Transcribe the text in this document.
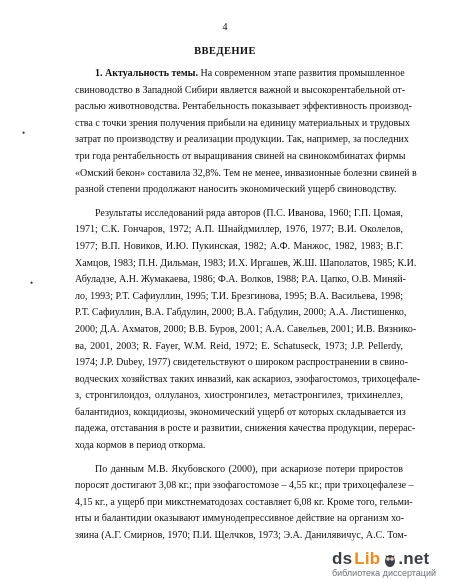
4
ВВЕДЕНИЕ
1. Актуальность темы. На современном этапе развития промышленное
свиноводство в Западной Сибири является важной и высокорентабельной от-
раслью животноводства. Рентабельность показывает эффективность производ-
ства с точки зрения получения прибыли на единицу материальных и трудовых
затрат по производству и реализации продукции. Так, например, за последних
три года рентабельность от выращивания свиней на свинокомбинатах фирмы
«Омский бекон» составила 32,8%. Тем не менее, инвазионные болезни свиней в
разной степени продолжают наносить экономический ущерб свиноводству.
Результаты исследований ряда авторов (П.С. Иванова, 1960; Г.П. Цомая,
1971; С.К. Гончаров, 1972; А.П. Шнайдмиллер, 1976, 1977; В.И. Околелов,
1977; В.П. Новиков, И.Ю. Пукинская, 1982; А.Ф. Манжос, 1982, 1983; В.Г.
Хамцов, 1983; П.Н. Дильман, 1983; И.Х. Иргашев, Ж.Ш. Шаполатов, 1985; К.И.
Абуладзе, А.Н. Жумакаева, 1986; Ф.А. Волков, 1988; Р.А. Цапко, О.В. Миняй-
ло, 1993; Р.Т. Сафиуллин, 1995; Т.И. Брезгинова, 1995; В.А. Васильева, 1998;
Р.Т. Сафиуллин, В.А. Габдулин, 2000; В.А. Габдулин, 2000; А.А. Листишенко,
2000; Д.А. Ахматов, 2000; В.В. Буров, 2001; А.А. Савельев, 2001; И.В. Вязнико-
ва, 2001, 2003; R. Fayer, W.M. Reid, 1972; E. Schatuseck, 1973; J.P. Pellerdy,
1974; J.P. Dubey, 1977) свидетельствуют о широком распространении в свино-
водческих хозяйствах таких инвазий, как аскариоз, эзофагостомоз, трихоцефале-
з, стронгилоидоз, оллуланоз, хиостронгилез, метастронгилез, трихинеллез,
балантидиоз, кокцидиозы, экономический ущерб от которых складывается из
падежа, отставания в росте и развитии, снижения качества продукции, перерас-
хода кормов в период откорма.
По данным М.В. Якубовского (2000), при аскариозе потери приростов
поросят достигают 3,08 кг.; при эзофагостомозе – 4,55 кг.; при трихоцефалезе –
4,15 кг., а ущерб при микстнематодозах составляет 6,08 кг. Кроме того, гельми-
нты и балантидии оказывают иммунодепрессивное действие на организм хо-
зяина (А.Г. Смирнов, 1970; П.И. Щелчков, 1973; Э.А. Данилявичус, А.С. Том-
•
•
ds Lib .net
библиотека диссертаций
